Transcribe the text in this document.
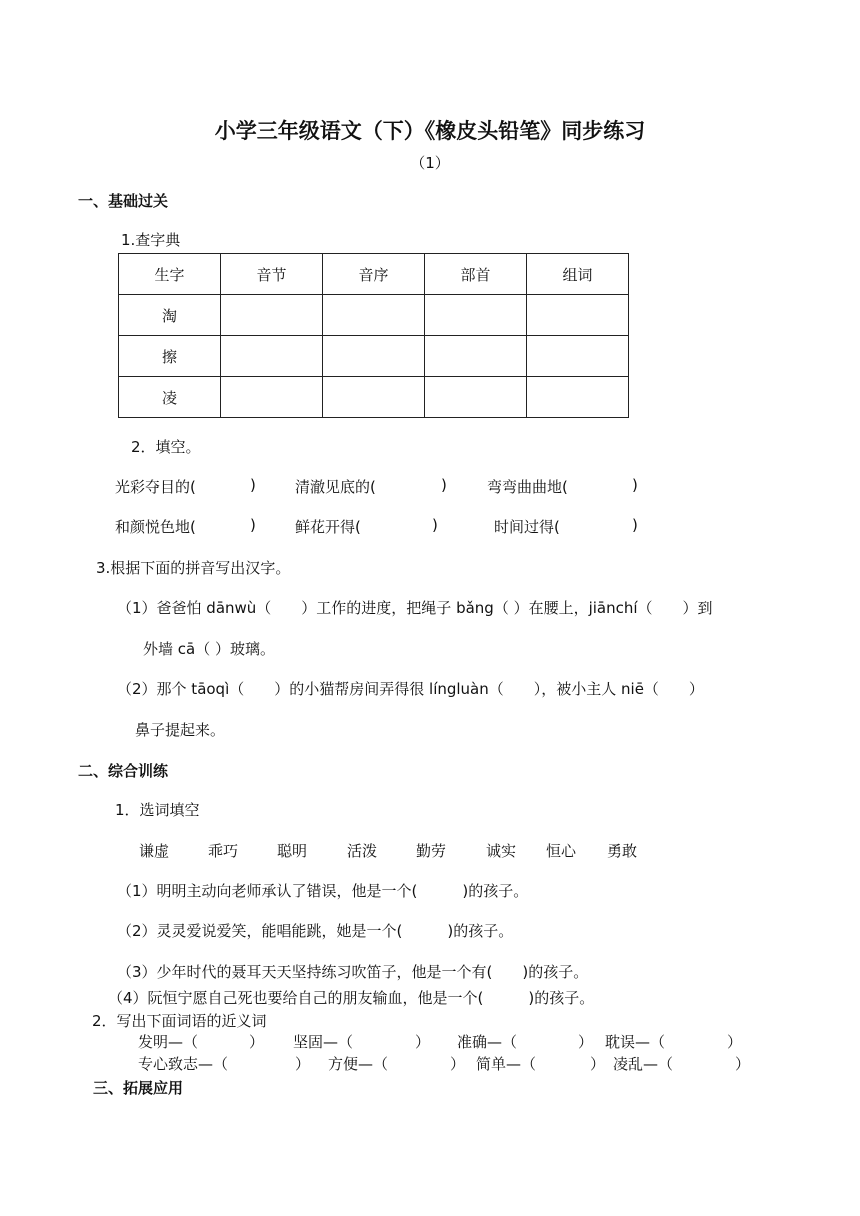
小学三年级语文（下）《橡皮头铅笔》同步练习
（1）
一、基础过关
1.查字典
生字	音节	音序	部首	组词
淘				
擦				
凌				
2．填空。
光彩夺目的(	)	清澈见底的(	)	弯弯曲曲地(	)
和颜悦色地(	)	鲜花开得(	)	时间过得(	)
3.根据下面的拼音写出汉字。
（1）爸爸怕 dānwù（　　）工作的进度，把绳子 bǎng（ ）在腰上，jiānchí（　　）到
外墙 cā（ ）玻璃。
（2）那个 tāoqì（　　）的小猫帮房间弄得很 língluàn（　　），被小主人 niē（　　）
鼻子提起来。
二、综合训练
1．选词填空
谦虚	乖巧	聪明	活泼	勤劳	诚实 恒心 勇敢
（1）明明主动向老师承认了错误，他是一个(　　　)的孩子。
（2）灵灵爱说爱笑，能唱能跳，她是一个(　　　)的孩子。
（3）少年时代的聂耳天天坚持练习吹笛子，他是一个有(　　)的孩子。
（4）阮恒宁愿自己死也要给自己的朋友输血，他是一个(　　　)的孩子。
2．写出下面词语的近义词
发明—（	） 坚固—（	） 准确—（	） 耽误—（	）
专心致志—（	） 方便—（	） 简单—（	） 凌乱—（	）
三、拓展应用
